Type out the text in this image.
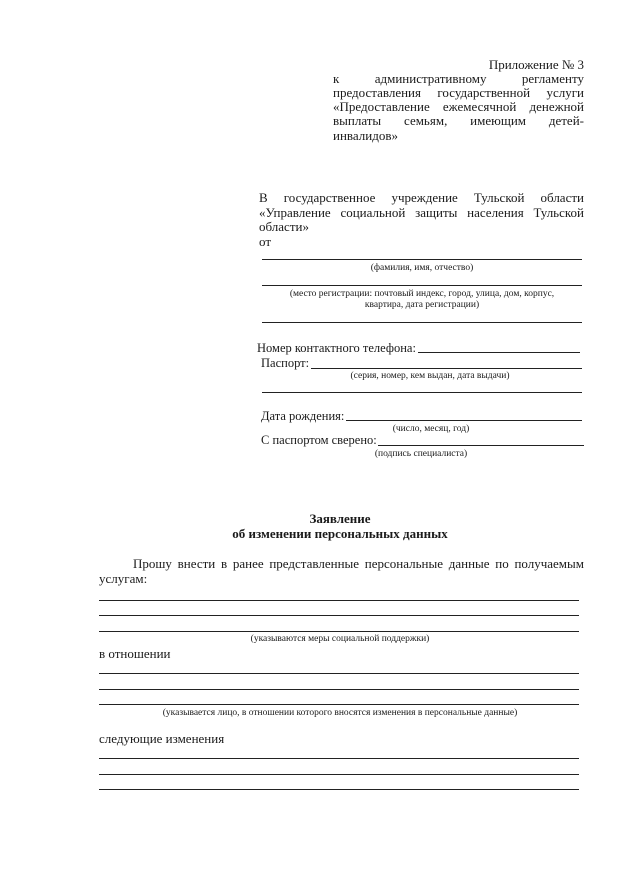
Приложение № 3
к административному регламенту
предоставления государственной услуги
«Предоставление ежемесячной денежной
выплаты семьям, имеющим детей-
инвалидов»
В государственное учреждение Тульской области
«Управление социальной защиты населения Тульской
области»
от
(фамилия, имя, отчество)
(место регистрации: почтовый индекс, город, улица, дом, корпус,
квартира, дата регистрации)
Номер контактного телефона:
Паспорт:
(серия, номер, кем выдан, дата выдачи)
Дата рождения:
(число, месяц, год)
С паспортом сверено:
(подпись специалиста)
Заявление
об изменении персональных данных
Прошу внести в ранее представленные персональные данные по получаемым
услугам:
(указываются меры социальной поддержки)
в отношении
(указывается лицо, в отношении которого вносятся изменения в персональные данные)
следующие изменения
